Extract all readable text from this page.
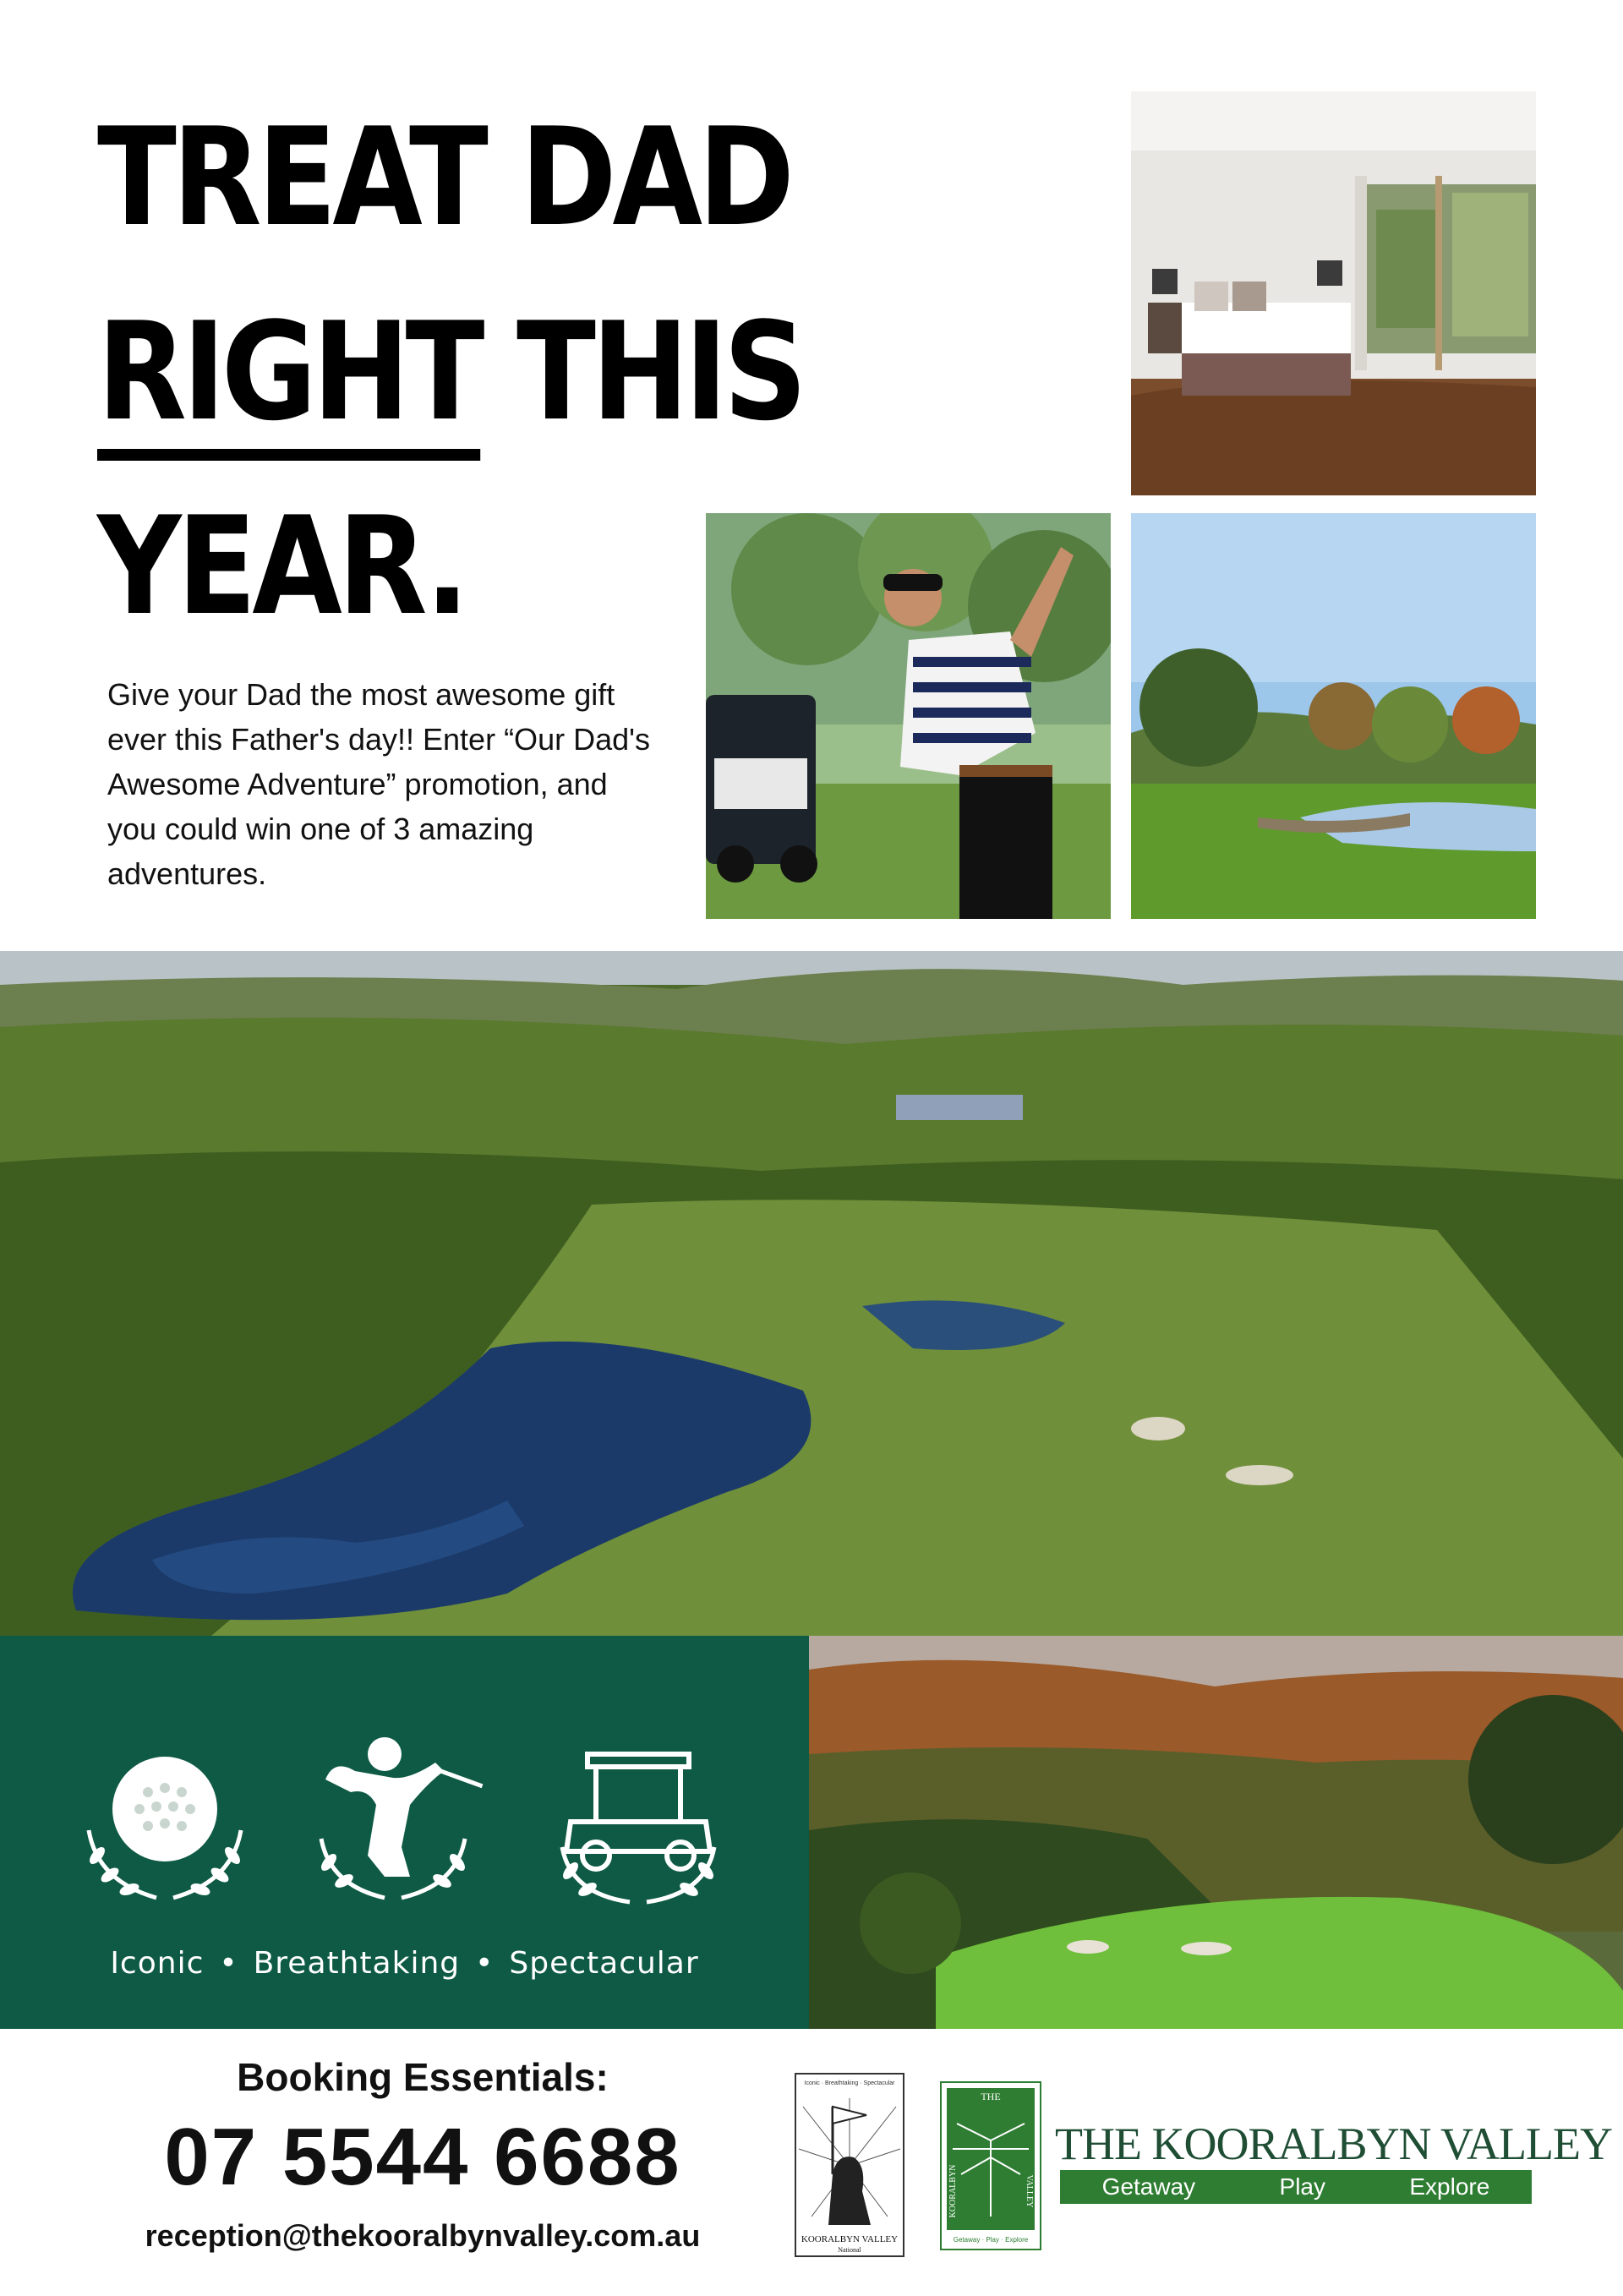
TREAT DAD
RIGHT THIS
YEAR.
Give your Dad the most awesome gift ever this Father's day!! Enter “Our Dad's Awesome Adventure” promotion, and you could win one of 3 amazing adventures.
Iconic • Breathtaking • Spectacular
Booking Essentials:
07 5544 6688
reception@thekooralbynvalley.com.au
Iconic · Breathtaking · Spectacular
KOORALBYN VALLEY
National
THE
KOORALBYN	VALLEY
Getaway · Play · Explore
THE KOORALBYN VALLEY
Getaway	Play	Explore
